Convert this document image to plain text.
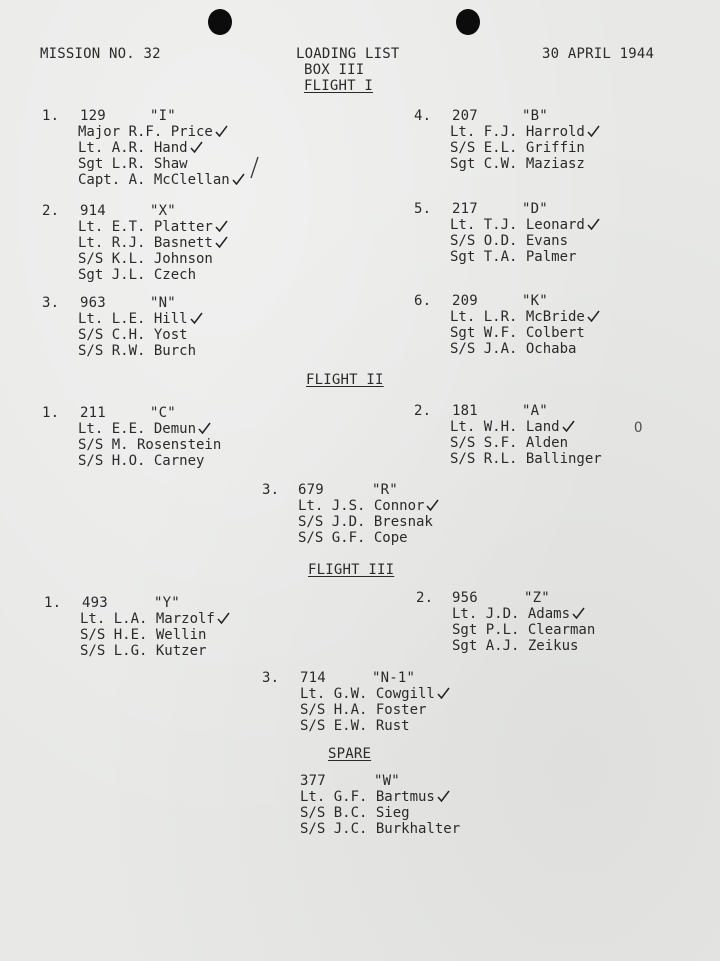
MISSION NO. 32	LOADING LIST
BOX III
30 APRIL 1944
FLIGHT I
FLIGHT II
FLIGHT III
SPARE
1. 129	"I"
Major R.F. Price
Lt. A.R. Hand
Sgt L.R. Shaw
Capt. A. McClellan
2. 914	"X"
Lt. E.T. Platter
Lt. R.J. Basnett
S/S K.L. Johnson
Sgt J.L. Czech
3. 963	"N"
Lt. L.E. Hill
S/S C.H. Yost
S/S R.W. Burch
4. 207	"B"
Lt. F.J. Harrold
S/S E.L. Griffin
Sgt C.W. Maziasz
5. 217	"D"
Lt. T.J. Leonard
S/S O.D. Evans
Sgt T.A. Palmer
6. 209	"K"
Lt. L.R. McBride
Sgt W.F. Colbert
S/S J.A. Ochaba
1. 211	"C"
Lt. E.E. Demun
S/S M. Rosenstein
S/S H.O. Carney
2. 181	"A"
Lt. W.H. Land
S/S S.F. Alden
S/S R.L. Ballinger
3. 679	"R"
Lt. J.S. Connor
S/S J.D. Bresnak
S/S G.F. Cope
1. 493	"Y"
Lt. L.A. Marzolf
S/S H.E. Wellin
S/S L.G. Kutzer
2. 956	"Z"
Lt. J.D. Adams
Sgt P.L. Clearman
Sgt A.J. Zeikus
3. 714	"N-1"
Lt. G.W. Cowgill
S/S H.A. Foster
S/S E.W. Rust
377	"W"
Lt. G.F. Bartmus
S/S B.C. Sieg
S/S J.C. Burkhalter
O
